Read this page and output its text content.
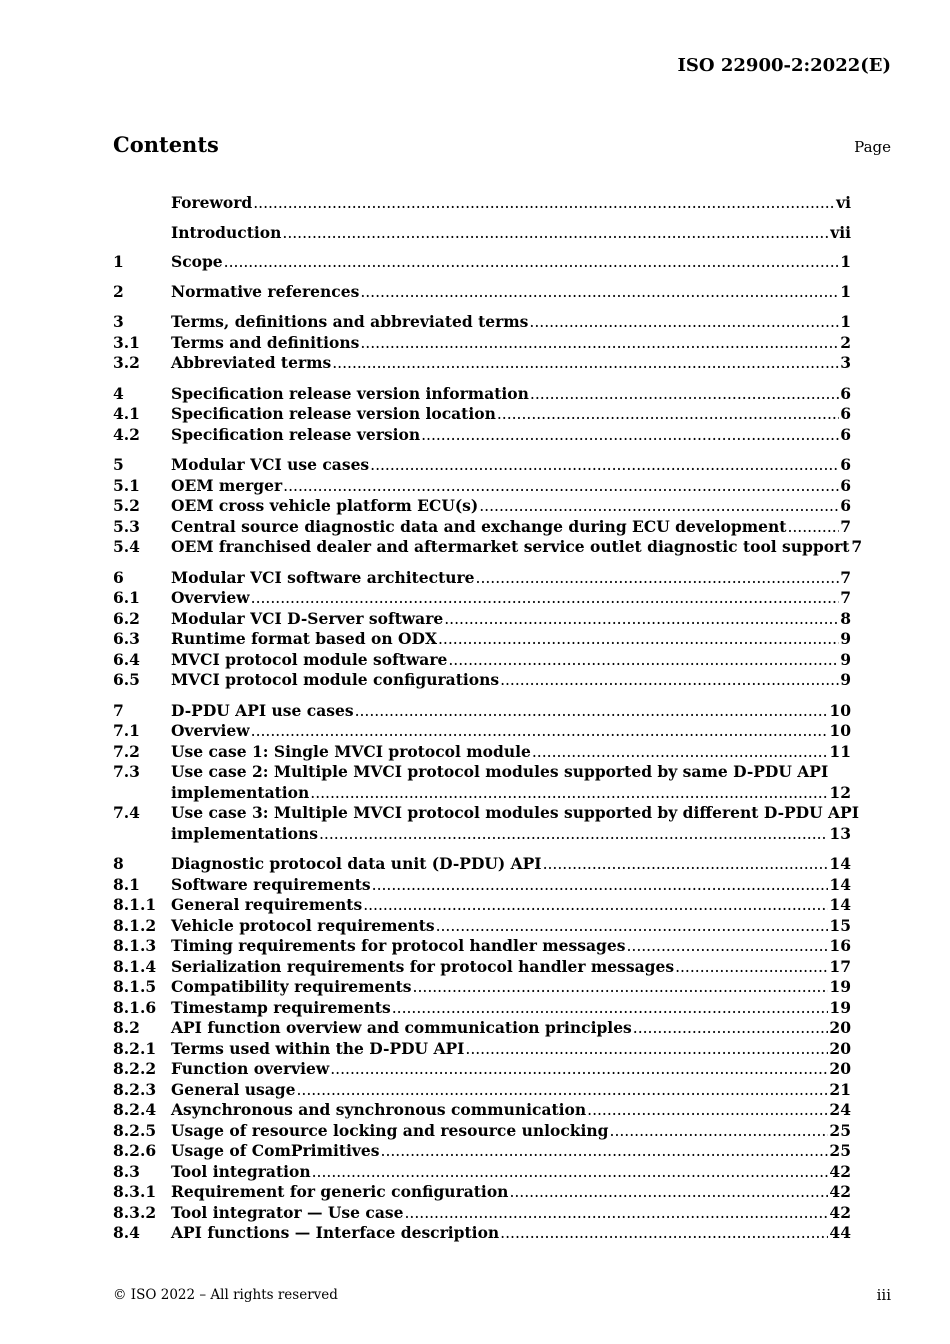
ISO 22900-2:2022(E)
Contents	Page
Foreword .....	vi
Introduction .....	vii
1	Scope .....	1
2	Normative references .....	1
3	Terms, definitions and abbreviated terms .....	1
3.1 Terms and definitions .....	2
3.2 Abbreviated terms .....	3
4	Specification release version information .....	6
4.1 Specification release version location .....	6
4.2 Specification release version .....	6
5	Modular VCI use cases .....	6
5.1 OEM merger .....	6
5.2 OEM cross vehicle platform ECU(s) .....	6
5.3 Central source diagnostic data and exchange during ECU development .....	7
5.4 OEM franchised dealer and aftermarket service outlet diagnostic tool support 7
6	Modular VCI software architecture .....	7
6.1 Overview .....	7
6.2 Modular VCI D-Server software .....	8
6.3 Runtime format based on ODX .....	9
6.4 MVCI protocol module software .....	9
6.5 MVCI protocol module configurations .....	9
7	D-PDU API use cases .....	10
7.1 Overview .....	10
7.2 Use case 1: Single MVCI protocol module .....	11
7.3 Use case 2: Multiple MVCI protocol modules supported by same D-PDU API
implementation .....	12
7.4 Use case 3: Multiple MVCI protocol modules supported by different D-PDU API
implementations .....	13
8	Diagnostic protocol data unit (D-PDU) API .....	14
8.1 Software requirements .....	14
8.1.1 General requirements .....	14
8.1.2 Vehicle protocol requirements .....	15
8.1.3 Timing requirements for protocol handler messages .....	16
8.1.4 Serialization requirements for protocol handler messages .....	17
8.1.5 Compatibility requirements .....	19
8.1.6 Timestamp requirements .....	19
8.2 API function overview and communication principles .....	20
8.2.1 Terms used within the D-PDU API .....	20
8.2.2 Function overview .....	20
8.2.3 General usage .....	21
8.2.4 Asynchronous and synchronous communication .....	24
8.2.5 Usage of resource locking and resource unlocking .....	25
8.2.6 Usage of ComPrimitives .....	25
8.3 Tool integration .....	42
8.3.1 Requirement for generic configuration .....	42
8.3.2 Tool integrator — Use case .....	42
8.4 API functions — Interface description .....	44
© ISO 2022 – All rights reserved	iii
